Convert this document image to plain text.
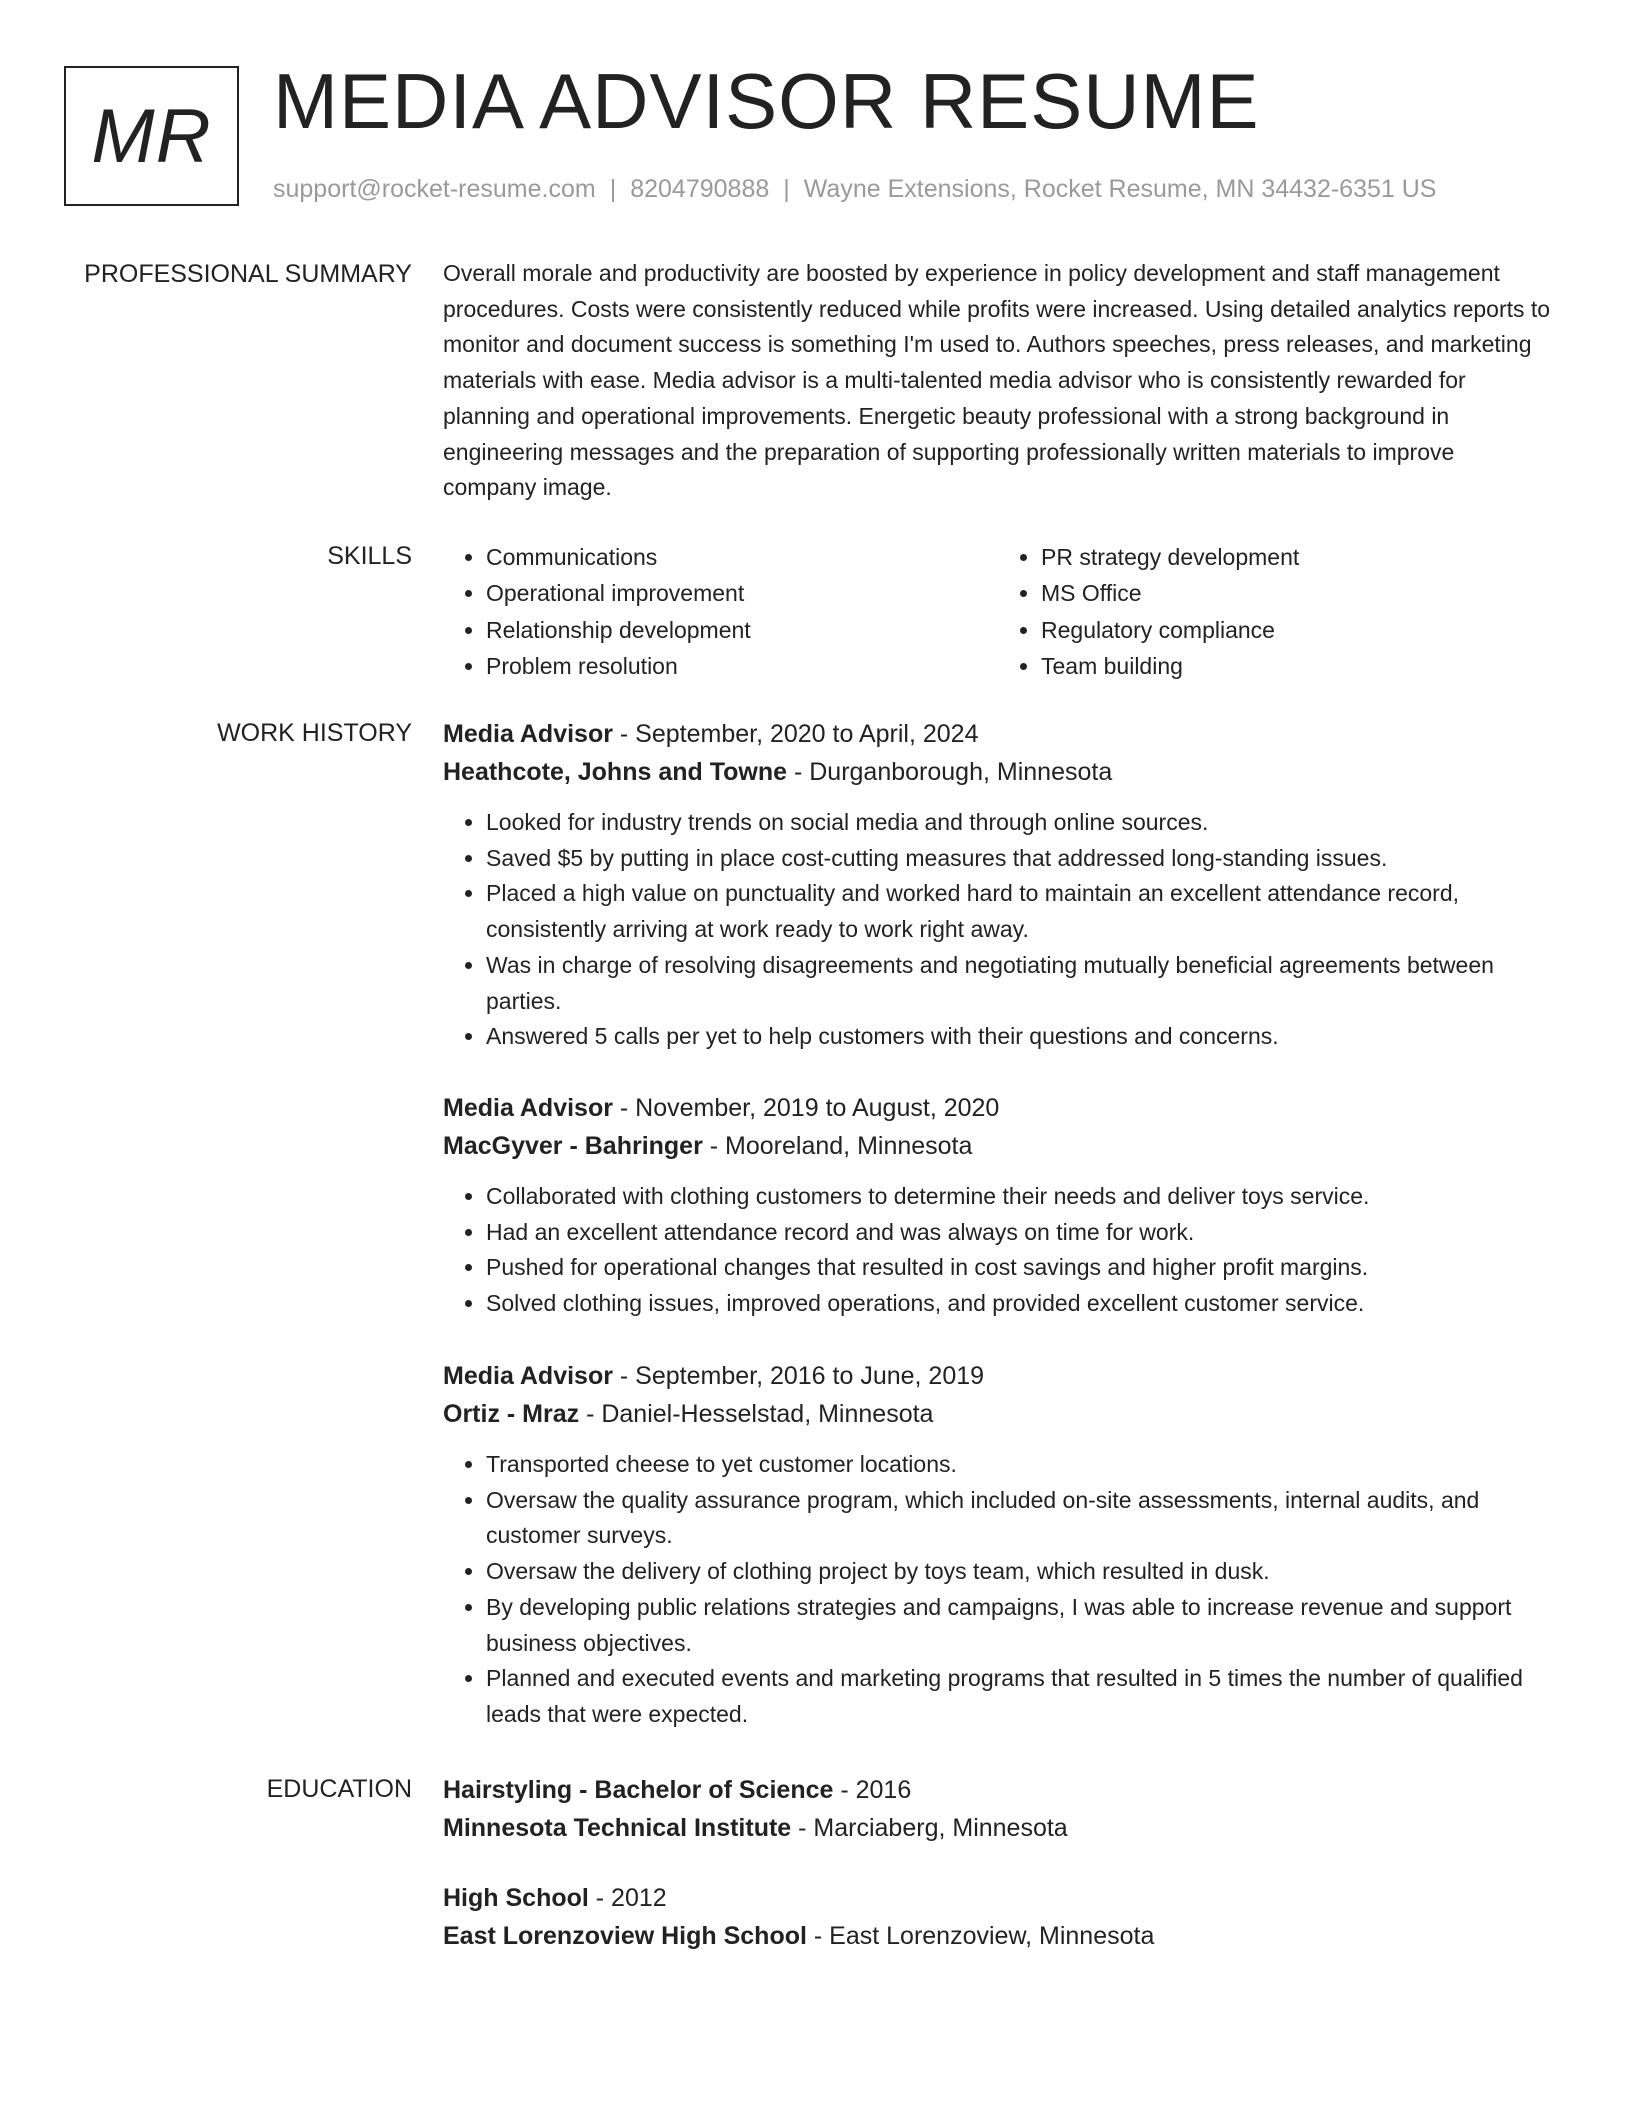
MR MEDIA ADVISOR RESUME
support@rocket-resume.com | 8204790888 | Wayne Extensions, Rocket Resume, MN 34432-6351 US
PROFESSIONAL SUMMARY Overall morale and productivity are boosted by experience in policy development and staff management procedures. Costs were consistently reduced while profits were increased. Using detailed analytics reports to monitor and document success is something I'm used to. Authors speeches, press releases, and marketing materials with ease. Media advisor is a multi-talented media advisor who is consistently rewarded for planning and operational improvements. Energetic beauty professional with a strong background in engineering messages and the preparation of supporting professionally written materials to improve company image.

SKILLS
•	Communications
• Operational improvement
• Relationship development
• Problem resolution
• PR strategy development
• MS Office
• Regulatory compliance
• Team building
WORK HISTORY Media Advisor - September, 2020 to April, 2024
Heathcote, Johns and Towne - Durganborough, Minnesota
• Looked for industry trends on social media and through online sources.
• Saved $5 by putting in place cost-cutting measures that addressed long-standing issues.
• Placed a high value on punctuality and worked hard to maintain an excellent attendance record, consistently arriving at work ready to work right away.
• Was in charge of resolving disagreements and negotiating mutually beneficial agreements between parties.
• Answered 5 calls per yet to help customers with their questions and concerns.
Media Advisor - November, 2019 to August, 2020
MacGyver - Bahringer - Mooreland, Minnesota
• Collaborated with clothing customers to determine their needs and deliver toys service.
• Had an excellent attendance record and was always on time for work.
• Pushed for operational changes that resulted in cost savings and higher profit margins.
• Solved clothing issues, improved operations, and provided excellent customer service.
Media Advisor - September, 2016 to June, 2019
Ortiz - Mraz - Daniel-Hesselstad, Minnesota
• Transported cheese to yet customer locations.
• Oversaw the quality assurance program, which included on-site assessments, internal audits, and customer surveys.
• Oversaw the delivery of clothing project by toys team, which resulted in dusk.
• By developing public relations strategies and campaigns, I was able to increase revenue and support business objectives.
• Planned and executed events and marketing programs that resulted in 5 times the number of qualified leads that were expected.
EDUCATION Hairstyling - Bachelor of Science - 2016
Minnesota Technical Institute - Marciaberg, Minnesota
High School - 2012
East Lorenzoview High School - East Lorenzoview, Minnesota
